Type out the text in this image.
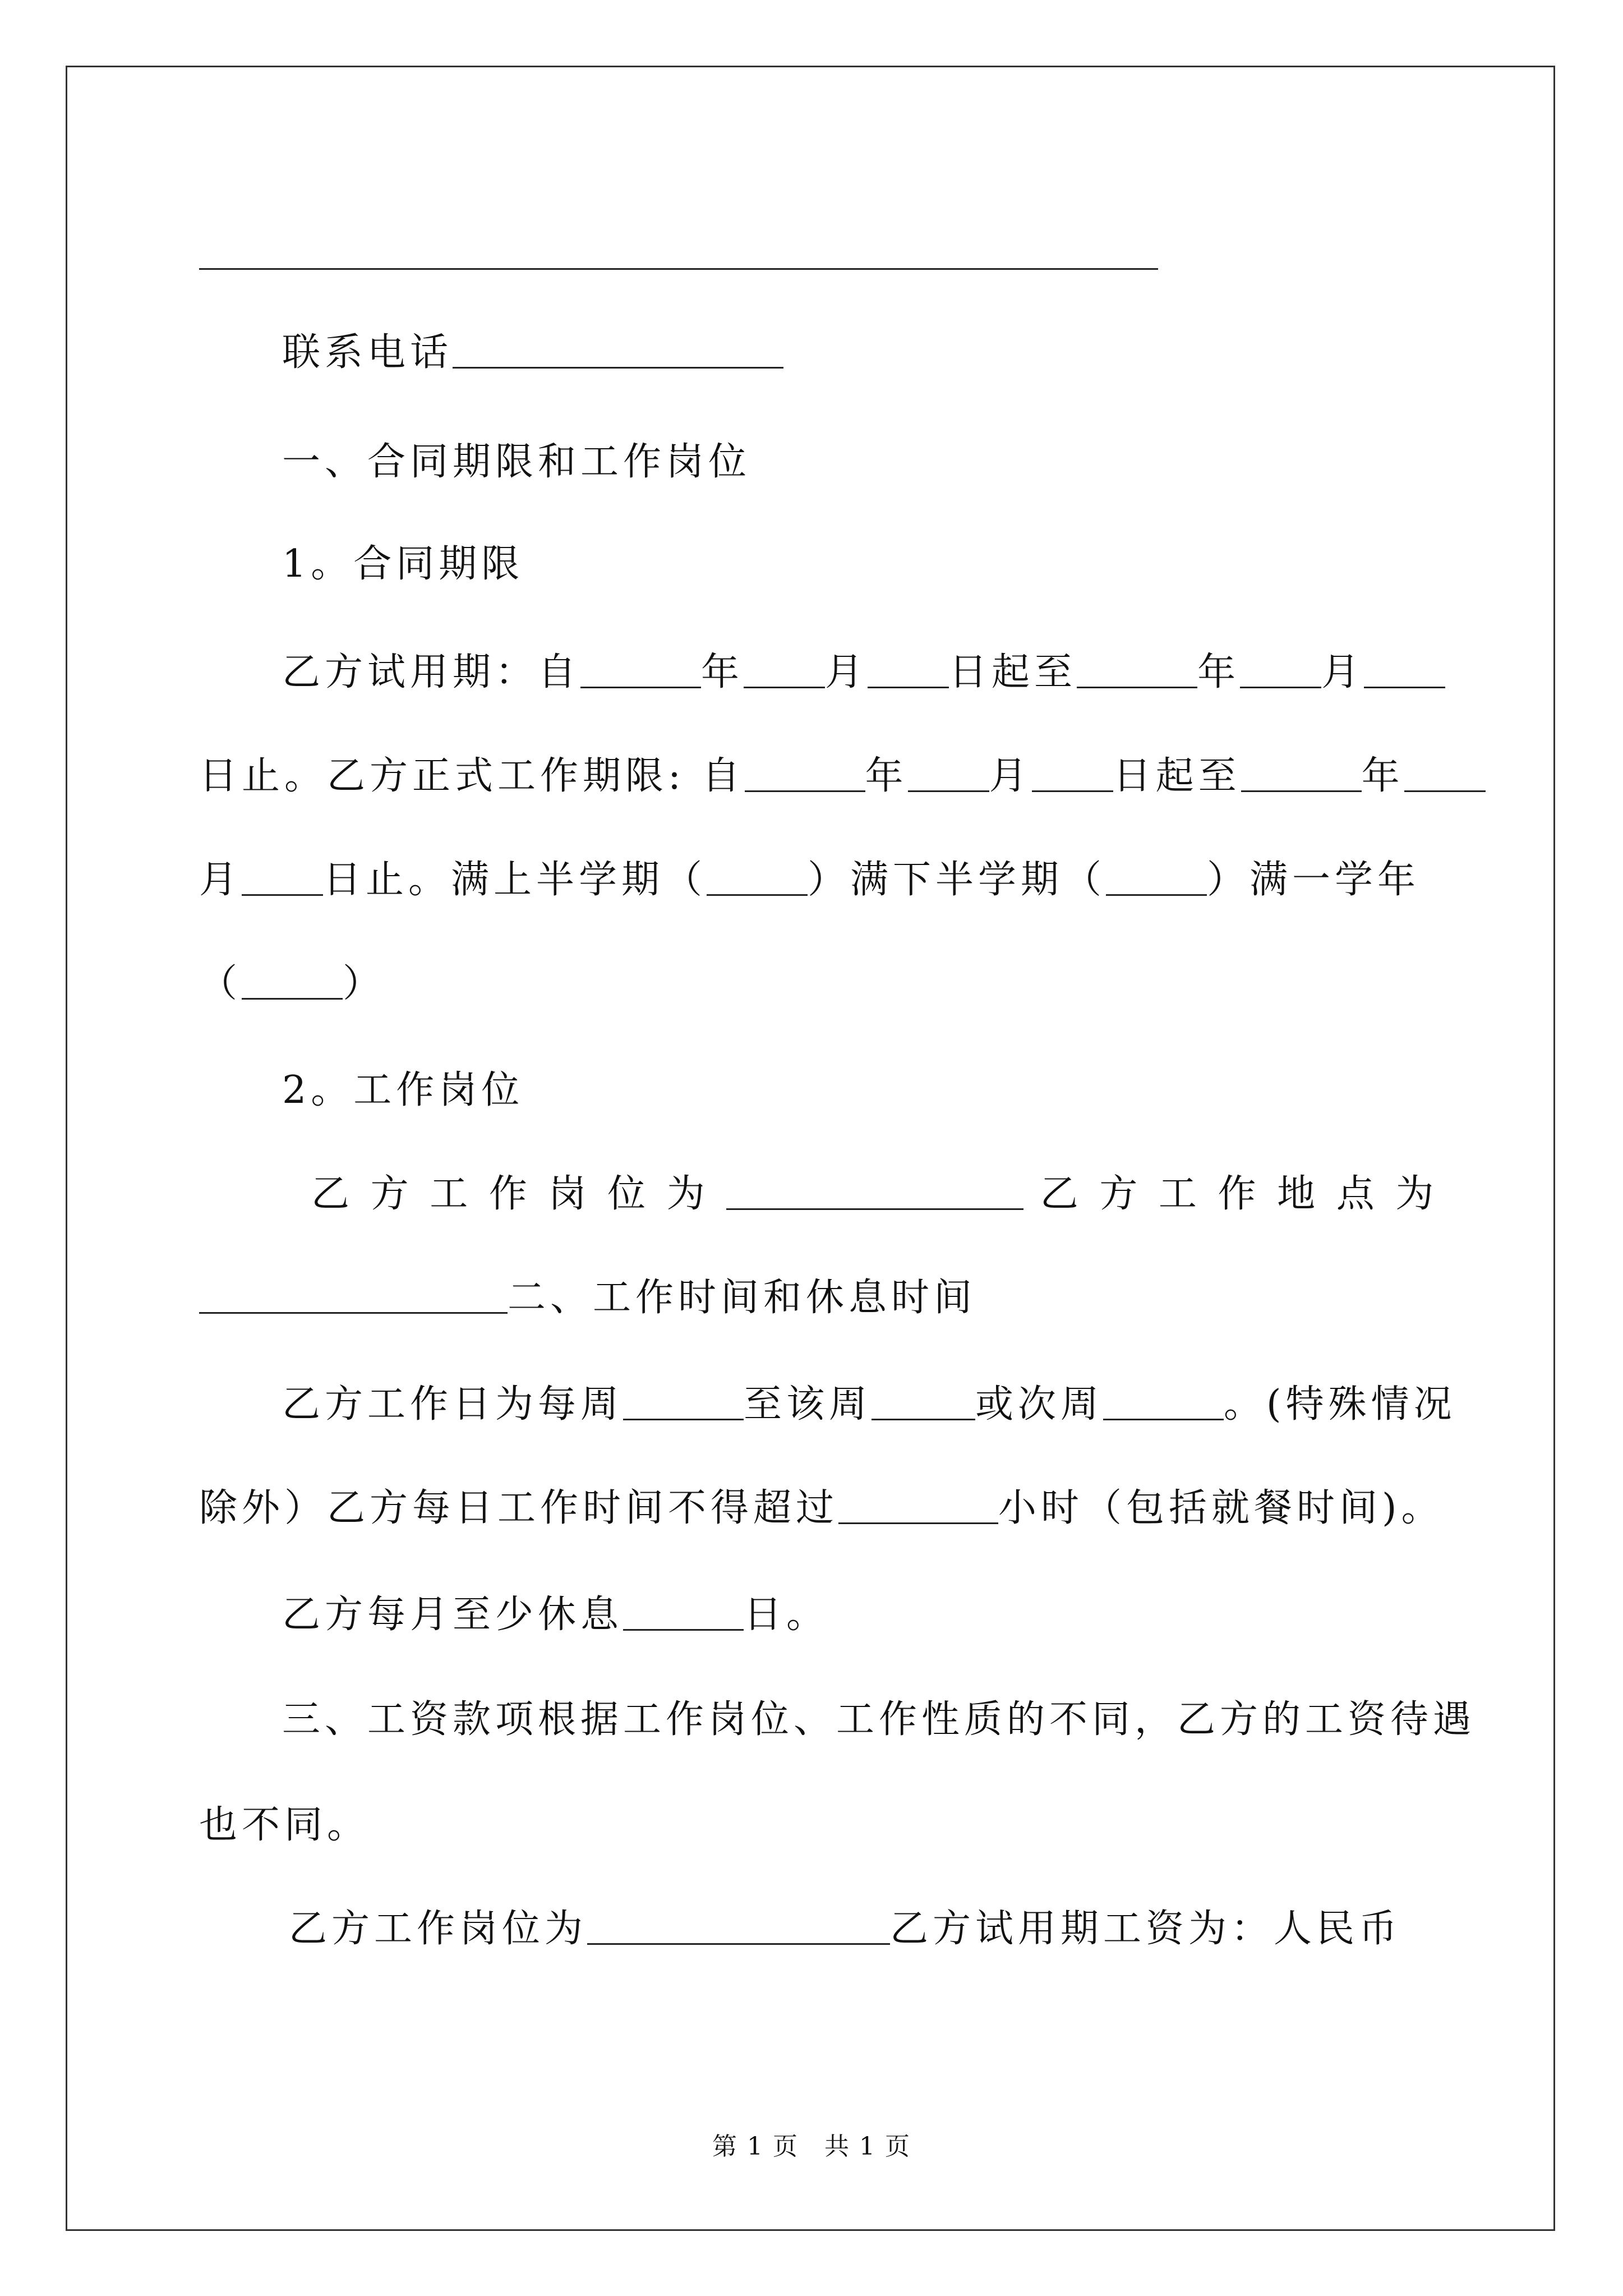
联系电话
一、合同期限和工作岗位
1。合同期限
乙方试用期：自	年 月 日起至	年 月
日止。乙方正式工作期限: 自	年 月 日起至	年
月 日止。满上半学期（	）满下半学期（	）满一学年
（	）
2。工作岗位
乙 方 工 作 岗 位 为	乙 方 工 作 地 点 为
二、工作时间和休息时间
乙方工作日为每周	至该周	或次周	。(特殊情况
除外）乙方每日工作时间不得超过	小时（包括就餐时间)。
乙方每月至少休息	日。
三、工资款项根据工作岗位、工作性质的不同，乙方的工资待遇
也不同。
乙方工作岗位为	乙方试用期工资为：人民币
第 1 页　共 1 页
